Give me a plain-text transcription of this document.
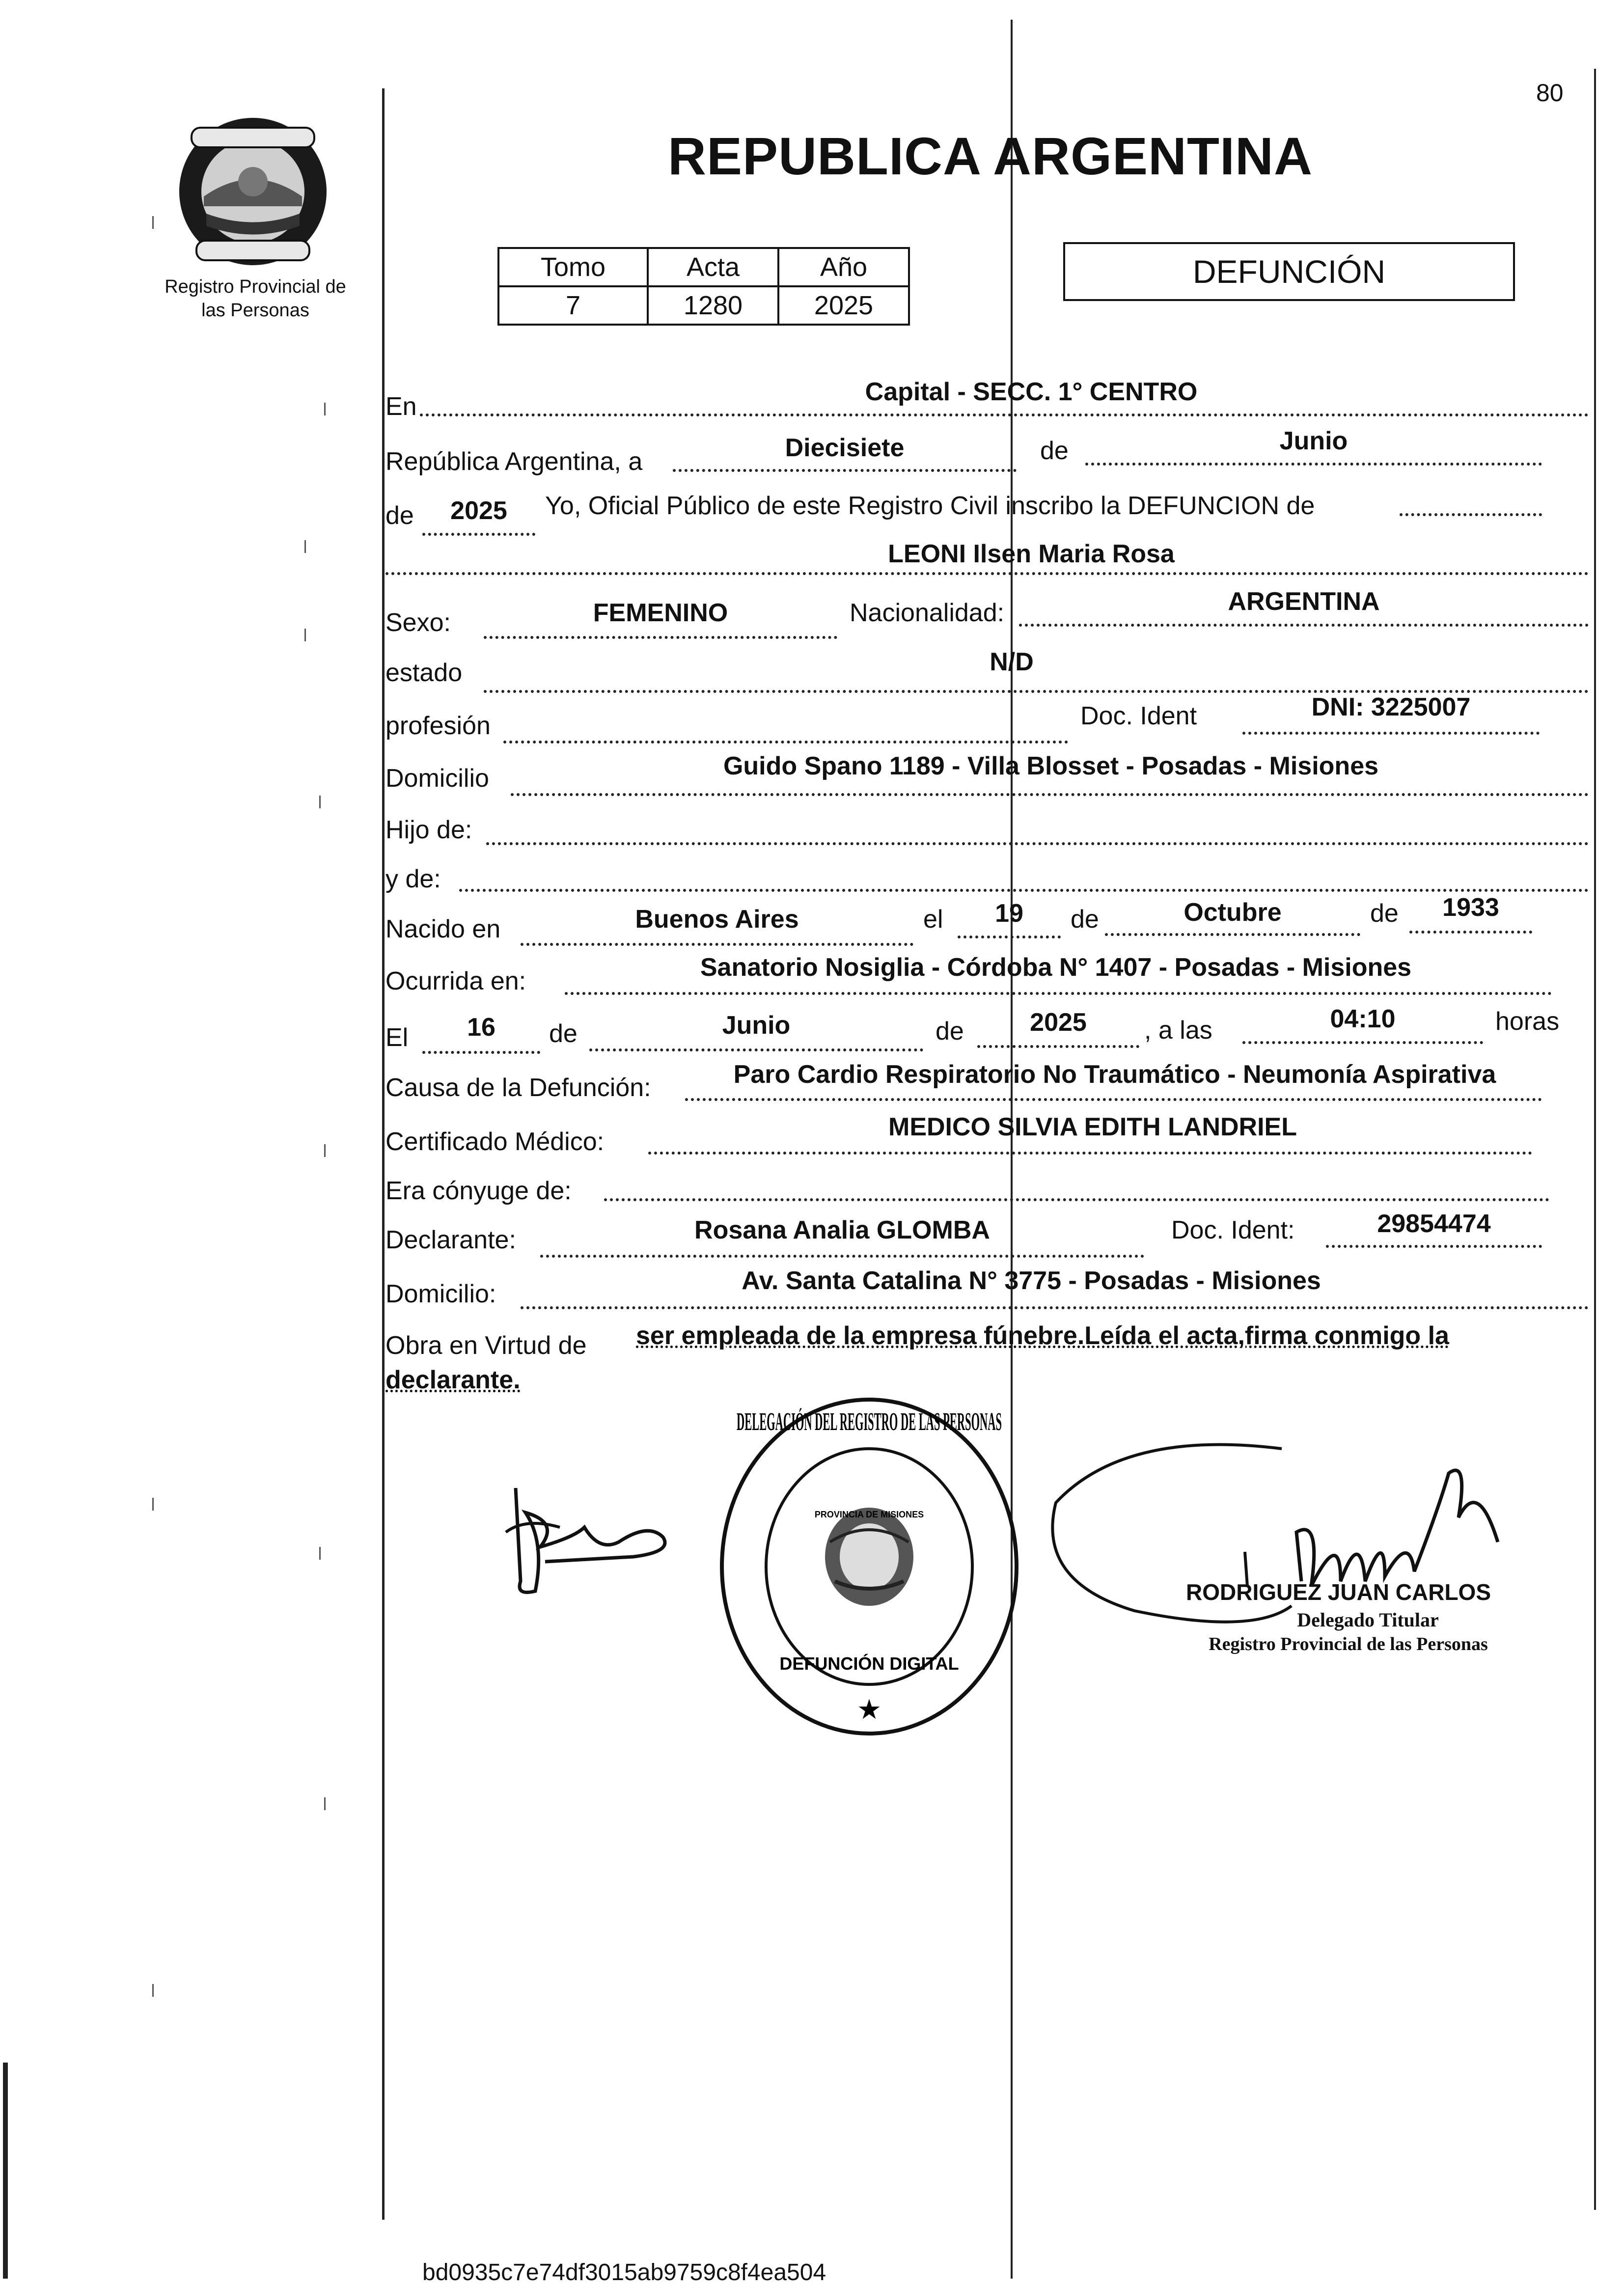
80
Registro Provincial de
las Personas
REPUBLICA ARGENTINA
Tomo	Acta	Año
7	1280	2025
DEFUNCIÓN
En
Capital - SECC. 1° CENTRO
República Argentina, a	Diecisiete	de	Junio
de	2025	Yo, Oficial Público de este Registro Civil inscribo la DEFUNCION de
LEONI Ilsen Maria Rosa
Sexo:	FEMENINO	Nacionalidad:	ARGENTINA
estado	N/D
profesión	Doc. Ident	DNI: 3225007
Domicilio	Guido Spano 1189 - Villa Blosset - Posadas - Misiones
Hijo de:
y de:
Nacido en	Buenos Aires	el	19	de	Octubre	de	1933
Ocurrida en:	Sanatorio Nosiglia - Córdoba N° 1407 - Posadas - Misiones
El	16	de	Junio	de	2025	, a las	04:10	horas
Causa de la Defunción:	Paro Cardio Respiratorio No Traumático - Neumonía Aspirativa
Certificado Médico:
MEDICO SILVIA EDITH LANDRIEL
Era cónyuge de:
Declarante:	Rosana Analia GLOMBA	Doc. Ident:	29854474
Domicilio:	Av. Santa Catalina N° 3775 - Posadas - Misiones
Obra en Virtud de ser empleada de la empresa fúnebre.Leída el acta,firma conmigo la
declarante.
DELEGACIÓN DEL REGISTRO DE LAS PERSONAS
DEFUNCIÓN DIGITAL
PROVINCIA DE MISIONES
★
RODRIGUEZ JUAN CARLOS
Delegado Titular
Registro Provincial de las Personas
bd0935c7e74df3015ab9759c8f4ea504
